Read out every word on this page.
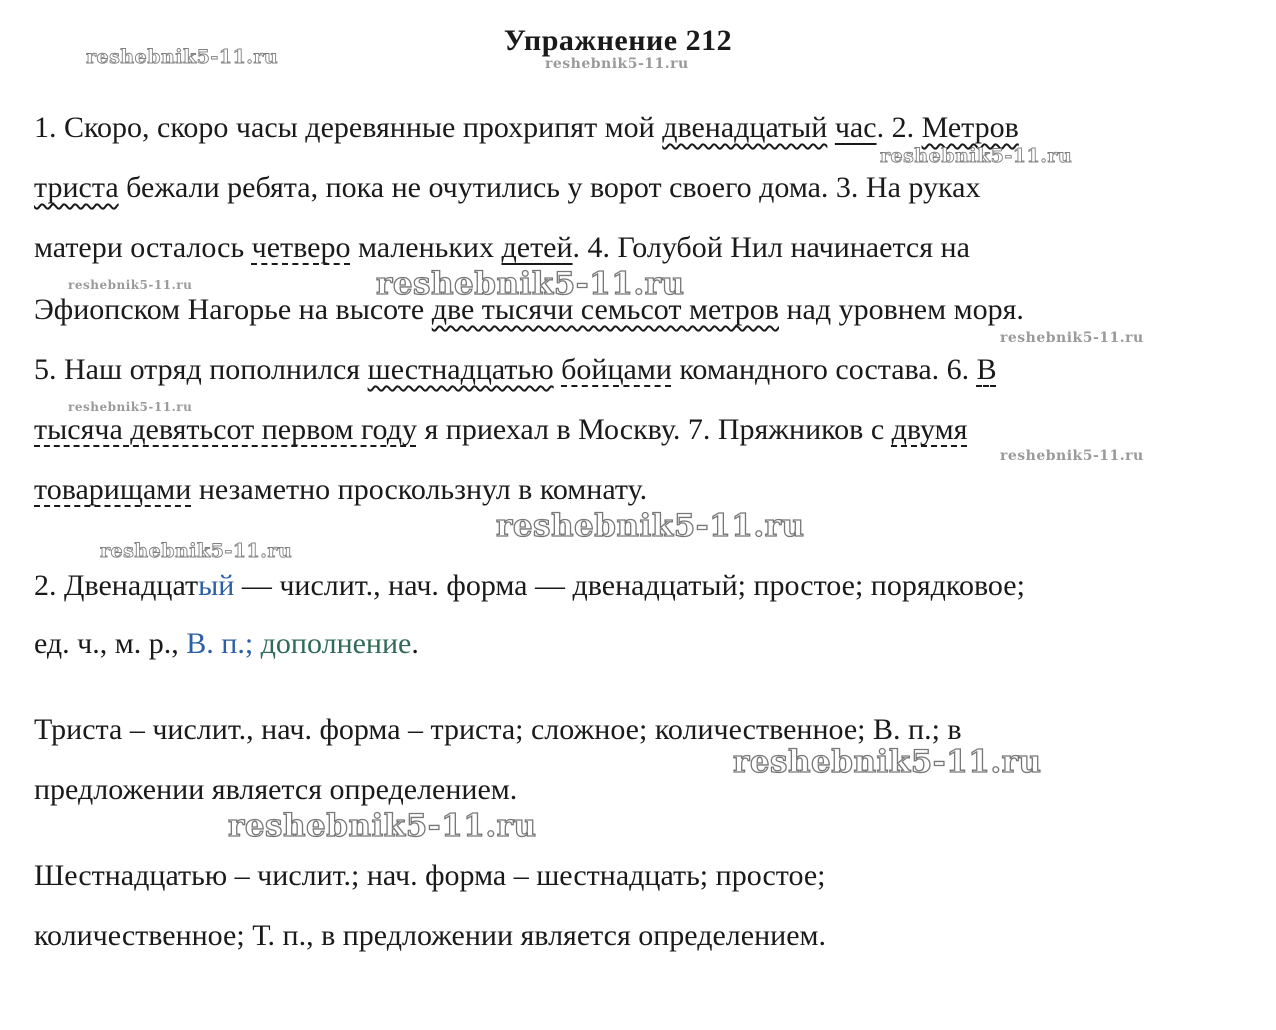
Упражнение 212
1. Скоро, скоро часы деревянные прохрипят мой двенадцатый час. 2. Метров
триста бежали ребята, пока не очутились у ворот своего дома. 3. На руках
матери осталось четверо маленьких детей. 4. Голубой Нил начинается на
Эфиопском Нагорье на высоте две тысячи семьсот метров над уровнем моря.
5. Наш отряд пополнился шестнадцатью бойцами командного состава. 6. В
тысяча девятьсот первом году я приехал в Москву. 7. Пряжников с двумя
товарищами незаметно проскользнул в комнату.
2. Двенадцатый — числит., нач. форма — двенадцатый; простое; порядковое;
ед. ч., м. р., В. п.; дополнение.
Триста – числит., нач. форма – триста; сложное; количественное; В. п.; в
предложении является определением.
Шестнадцатью – числит.; нач. форма – шестнадцать; простое;
количественное; Т. п., в предложении является определением.
reshebnik5-11.ru	reshebnik5-11.ru
reshebnik5-11.ru
reshebnik5-11.ru	reshebnik5-11.ru
reshebnik5-11.ru
reshebnik5-11.ru
reshebnik5-11.ru
reshebnik5-11.ru
reshebnik5-11.ru
reshebnik5-11.ru
reshebnik5-11.ru
